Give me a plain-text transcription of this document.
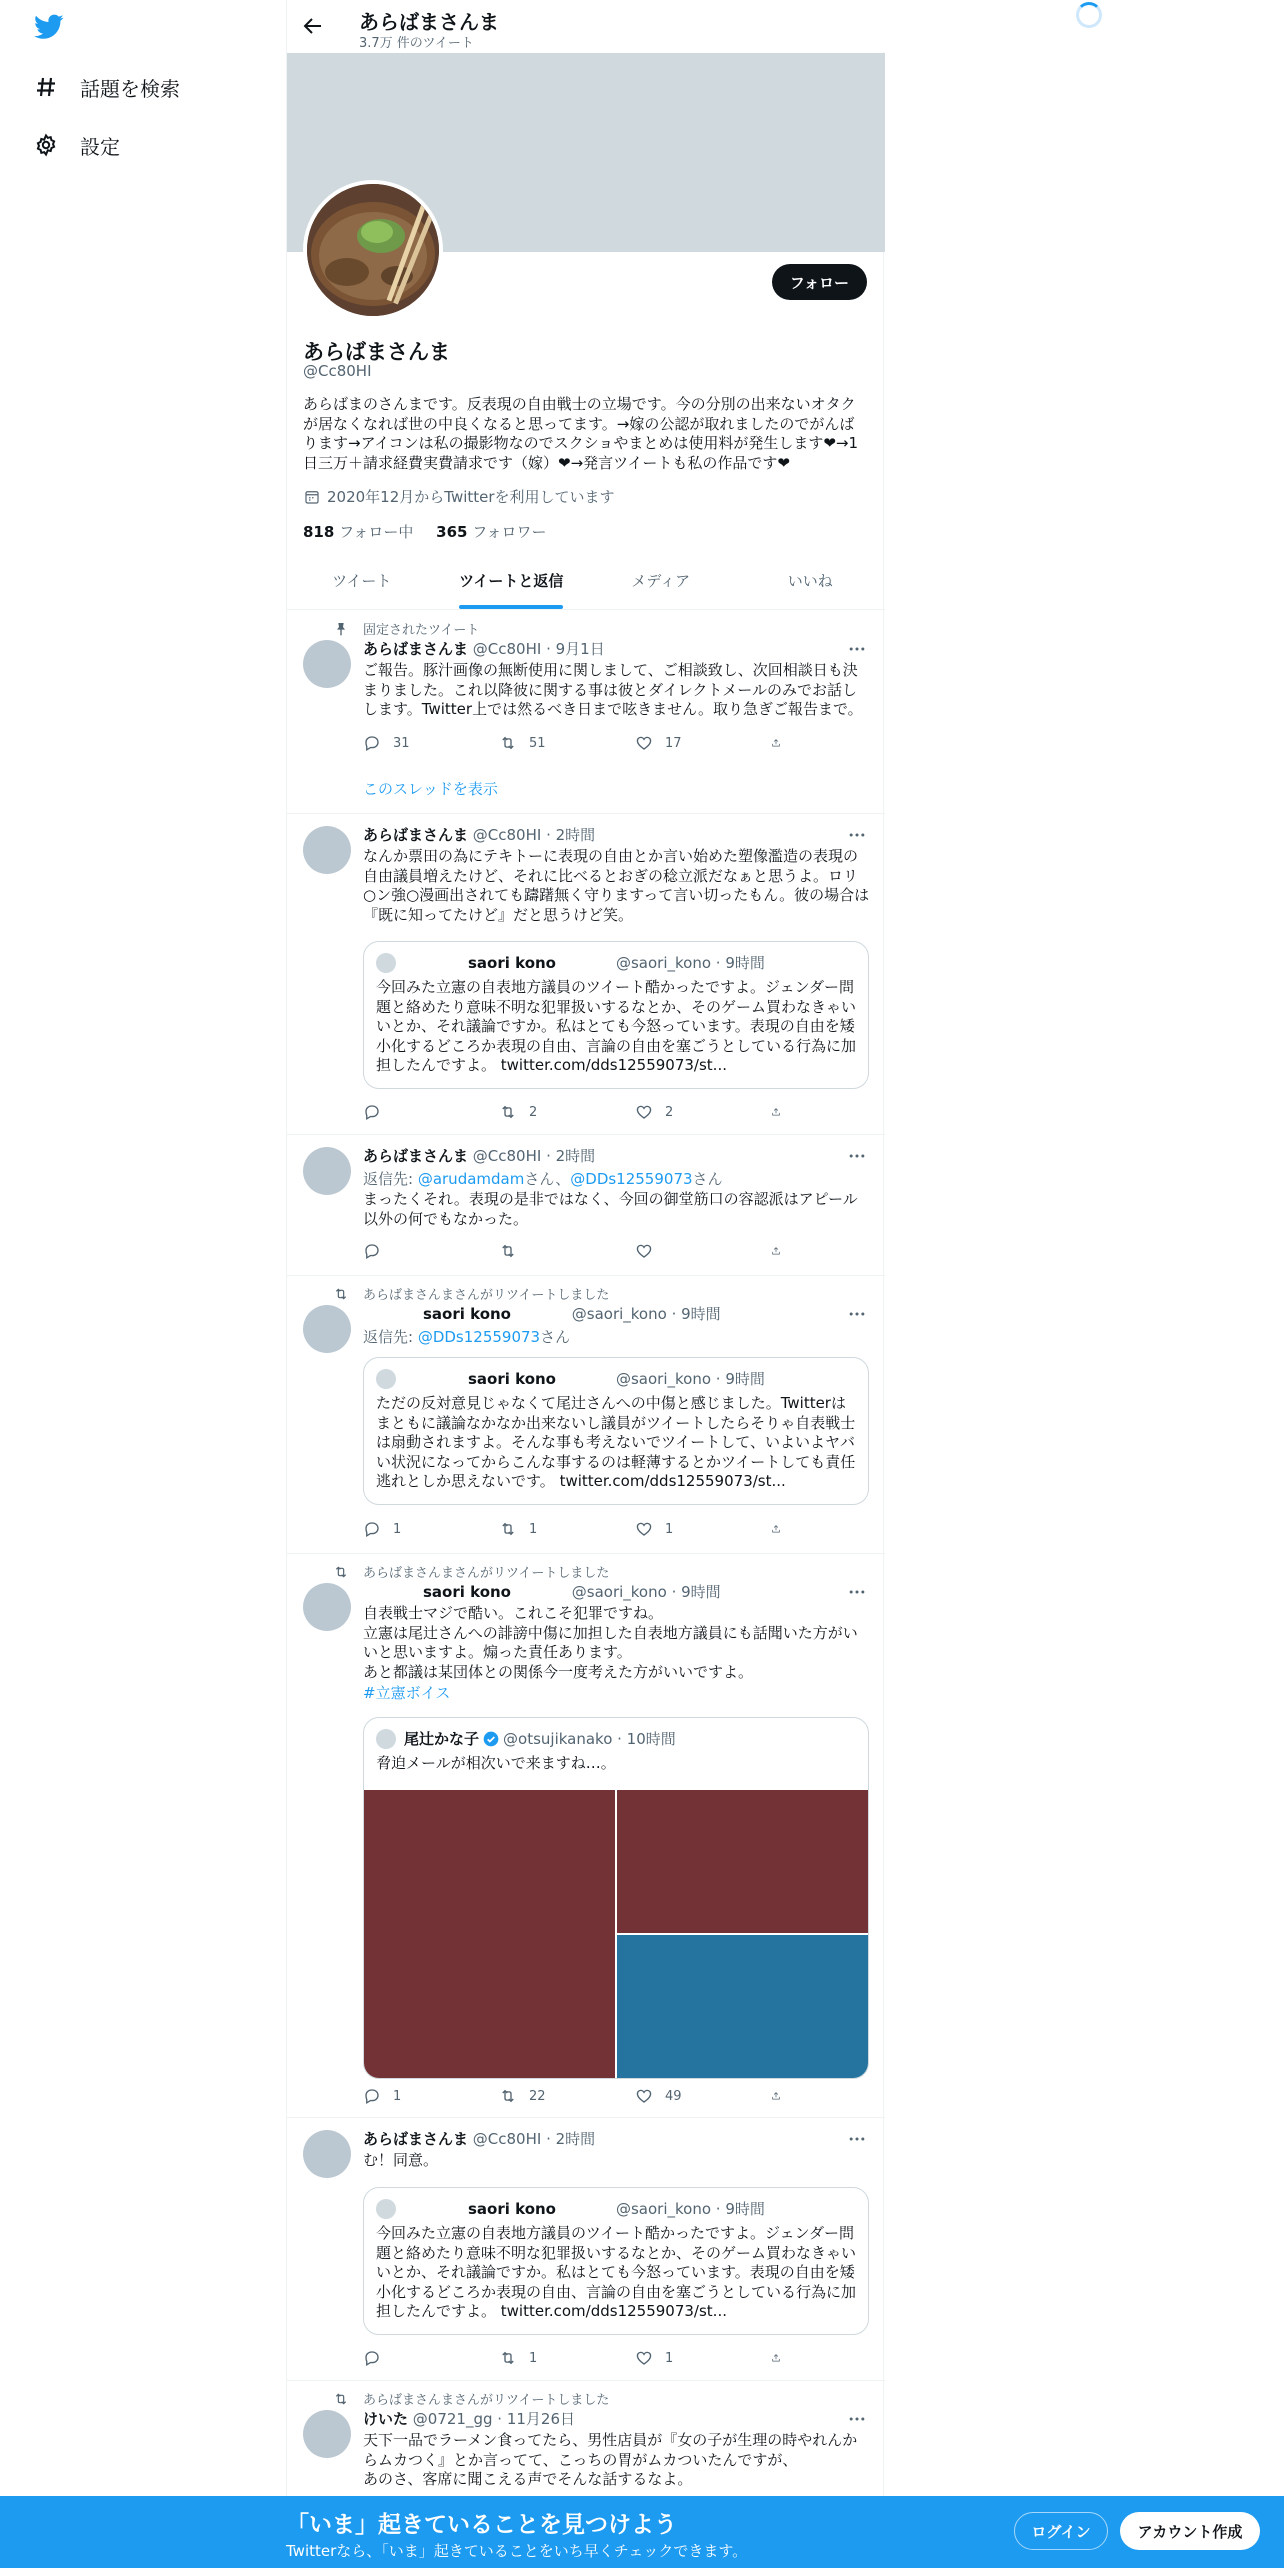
話題を検索
設定
あらばまさんま
3.7万 件のツイート
フォロー
あらばまさんま
@Cc80HI
あらばまのさんまです。反表現の自由戦士の立場です。今の分別の出来ないオタクが居なくなれば世の中良くなると思ってます。→嫁の公認が取れましたのでがんばります→アイコンは私の撮影物なのでスクショやまとめは使用料が発生します❤→1日三万＋請求経費実費請求です（嫁）❤→発言ツイートも私の作品です❤
2020年12月からTwitterを利用しています
818 フォロー中 365 フォロワー
ツイート	ツイートと返信	メディア	いいね
固定されたツイート
あらばまさんま @Cc80HI · 9月1日
ご報告。豚汁画像の無断使用に関しまして、ご相談致し、次回相談日も決まりました。これ以降彼に関する事は彼とダイレクトメールのみでお話しします。Twitter上では然るべき日まで呟きません。取り急ぎご報告まで。
31	51	17
このスレッドを表示
あらばまさんま @Cc80HI · 2時間
なんか票田の為にテキトーに表現の自由とか言い始めた塑像濫造の表現の自由議員増えたけど、それに比べるとおぎの稔立派だなぁと思うよ。ロリ○ン強○漫画出されても躊躇無く守りますって言い切ったもん。彼の場合は『既に知ってたけど』だと思うけど笑。
saori kono	@saori_kono · 9時間
今回みた立憲の自表地方議員のツイート酷かったですよ。ジェンダー問題と絡めたり意味不明な犯罪扱いするなとか、そのゲーム買わなきゃいいとか、それ議論ですか。私はとても今怒っています。表現の自由を矮小化するどころか表現の自由、言論の自由を塞ごうとしている行為に加担したんですよ。 twitter.com/dds12559073/st...
2	2
あらばまさんま @Cc80HI · 2時間
返信先: @arudamdamさん、@DDs12559073さん
まったくそれ。表現の是非ではなく、今回の御堂筋口の容認派はアピール以外の何でもなかった。
あらばまさんまさんがリツイートしました
saori kono	@saori_kono · 9時間
返信先: @DDs12559073さん
saori kono	@saori_kono · 9時間
ただの反対意見じゃなくて尾辻さんへの中傷と感じました。Twitterはまともに議論なかなか出来ないし議員がツイートしたらそりゃ自表戦士は扇動されますよ。そんな事も考えないでツイートして、いよいよヤバい状況になってからこんな事するのは軽薄するとかツイートしても責任逃れとしか思えないです。 twitter.com/dds12559073/st...
1	1	1
あらばまさんまさんがリツイートしました
saori kono	@saori_kono · 9時間
自表戦士マジで酷い。これこそ犯罪ですね。
立憲は尾辻さんへの誹謗中傷に加担した自表地方議員にも話聞いた方がいいと思いますよ。煽った責任あります。
あと都議は某団体との関係今一度考えた方がいいですよ。
#立憲ボイス
尾辻かな子 @otsujikanako · 10時間
脅迫メールが相次いで来ますね…。
1	22	49
あらばまさんま @Cc80HI · 2時間
む！同意。
saori kono	@saori_kono · 9時間
今回みた立憲の自表地方議員のツイート酷かったですよ。ジェンダー問題と絡めたり意味不明な犯罪扱いするなとか、そのゲーム買わなきゃいいとか、それ議論ですか。私はとても今怒っています。表現の自由を矮小化するどころか表現の自由、言論の自由を塞ごうとしている行為に加担したんですよ。 twitter.com/dds12559073/st...
1	1
あらばまさんまさんがリツイートしました
けいた @0721_gg · 11月26日
天下一品でラーメン食ってたら、男性店員が『女の子が生理の時やれんからムカつく』とか言ってて、こっちの胃がムカついたんですが、
あのさ、客席に聞こえる声でそんな話するなよ。
「いま」起きていることを見つけよう
Twitterなら、「いま」起きていることをいち早くチェックできます。
ログイン	アカウント作成
